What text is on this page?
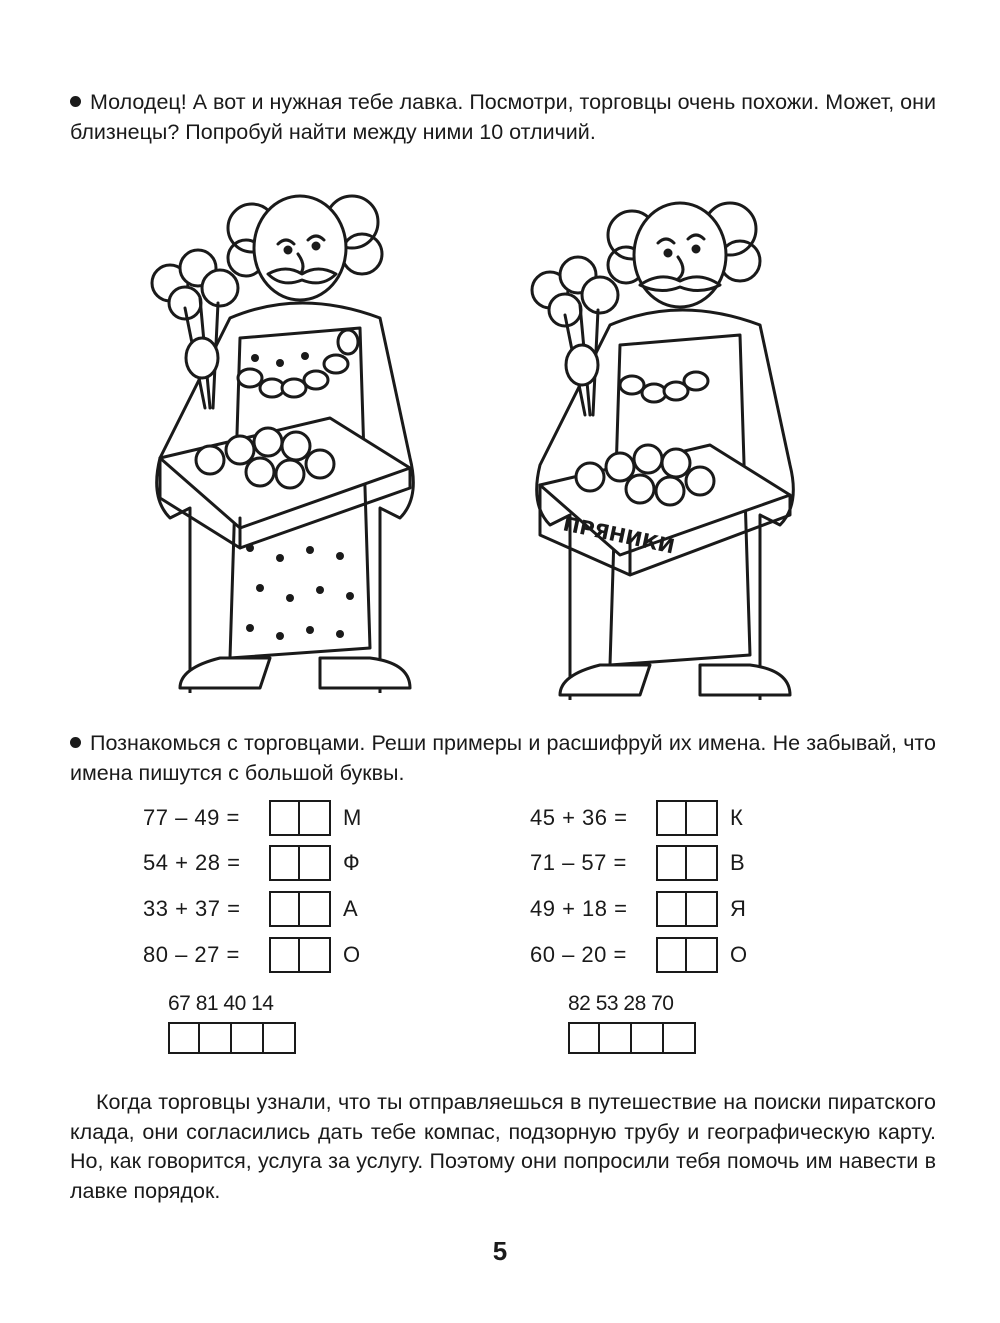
Молодец! А вот и нужная тебе лавка. Посмотри, торговцы очень похожи. Может, они близнецы? Попробуй найти между ними 10 отличий.

ПРЯНИКИ

Познакомься с торговцами. Реши примеры и расшифруй их имена. Не забывай, что имена пишутся с большой буквы.

77 – 49 =	М
54 + 28 =	Ф
33 + 37 =	А
80 – 27 =	О
45 + 36 =	К
71 – 57 =	В
49 + 18 =	Я
60 – 20 =	О
67 81 40 14	82 53 28 70

Когда торговцы узнали, что ты отправляешься в путешествие на поиски пиратского клада, они согласились дать тебе компас, подзорную трубу и географическую карту. Но, как говорится, услуга за услугу. Поэтому они попросили тебя помочь им навести в лавке порядок.

5
